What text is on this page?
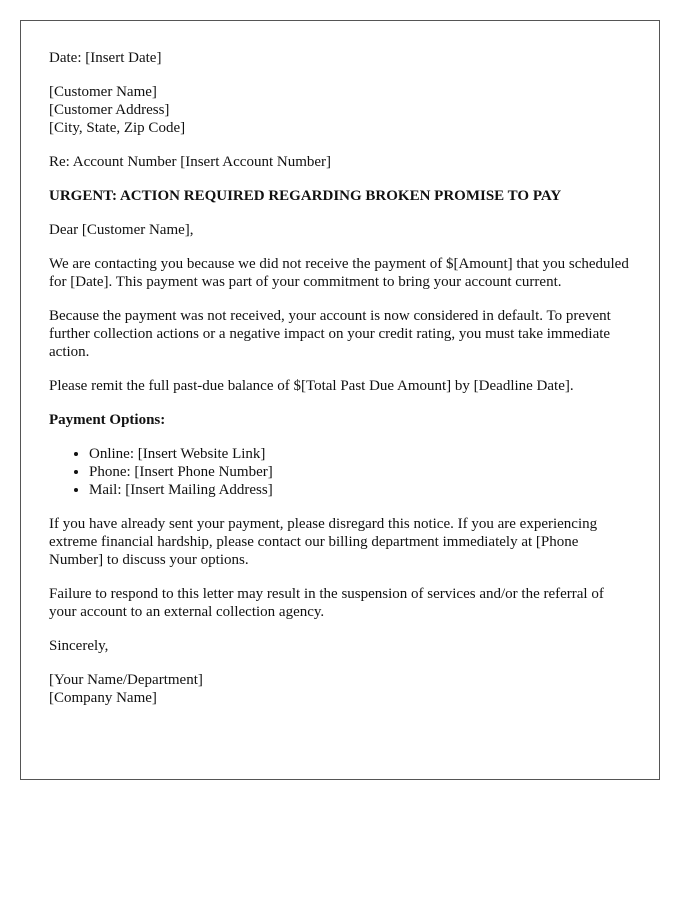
Date: [Insert Date]

[Customer Name]
[Customer Address]
[City, State, Zip Code]

Re: Account Number [Insert Account Number]

URGENT: ACTION REQUIRED REGARDING BROKEN PROMISE TO PAY

Dear [Customer Name],

We are contacting you because we did not receive the payment of $[Amount] that you scheduled for [Date]. This payment was part of your commitment to bring your account current.

Because the payment was not received, your account is now considered in default. To prevent further collection actions or a negative impact on your credit rating, you must take immediate action.

Please remit the full past-due balance of $[Total Past Due Amount] by [Deadline Date].

Payment Options:

• Online: [Insert Website Link]
• Phone: [Insert Phone Number]
• Mail: [Insert Mailing Address]

If you have already sent your payment, please disregard this notice. If you are experiencing extreme financial hardship, please contact our billing department immediately at [Phone Number] to discuss your options.

Failure to respond to this letter may result in the suspension of services and/or the referral of your account to an external collection agency.

Sincerely,

[Your Name/Department]
[Company Name]
